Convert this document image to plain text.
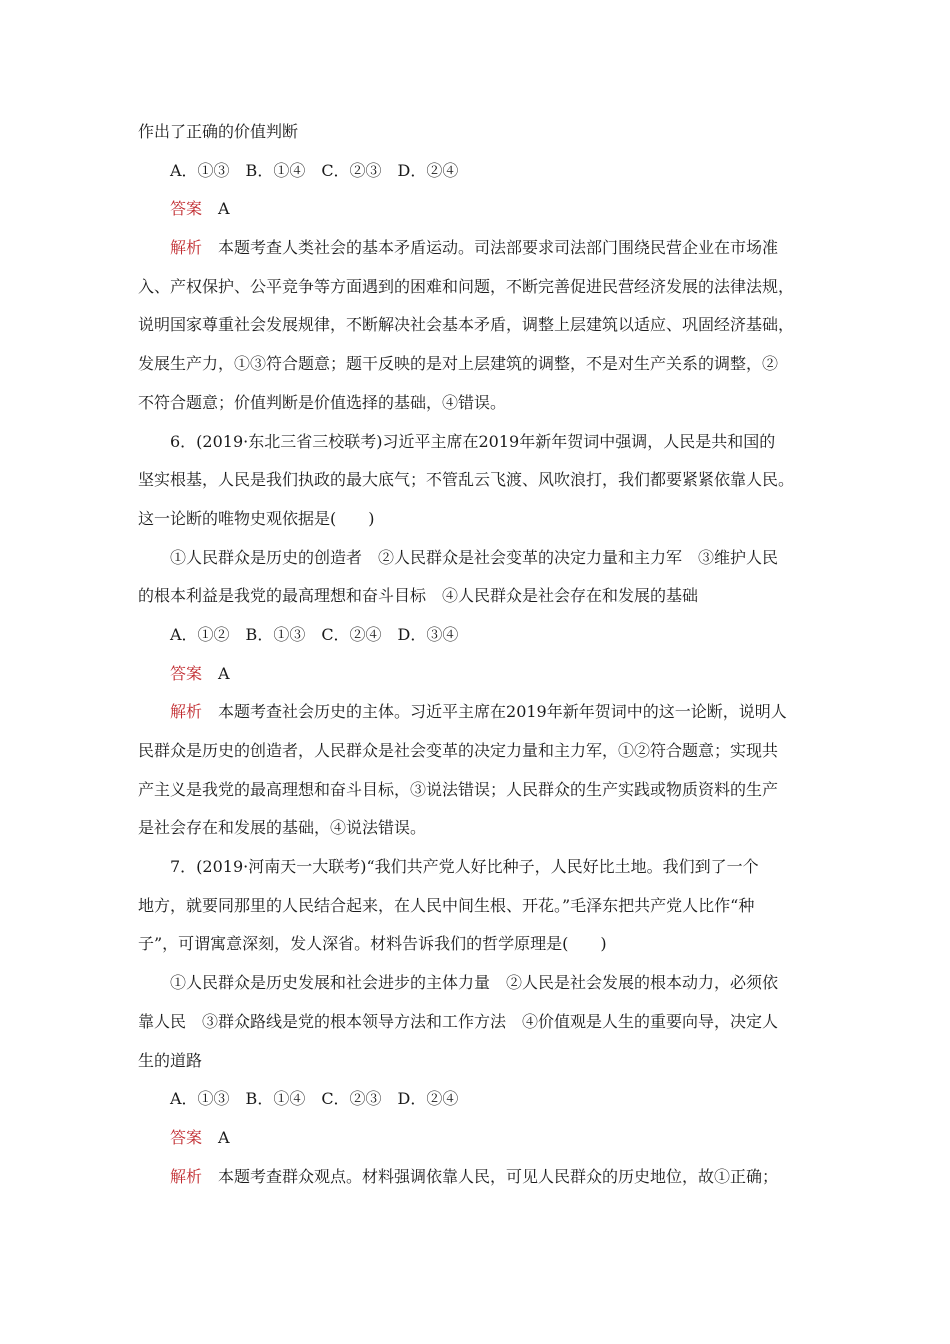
作出了正确的价值判断
A．①③　B．①④　C．②③　D．②④
答案 A
解析 本题考查人类社会的基本矛盾运动。司法部要求司法部门围绕民营企业在市场准
入、产权保护、公平竞争等方面遇到的困难和问题，不断完善促进民营经济发展的法律法规，
说明国家尊重社会发展规律，不断解决社会基本矛盾，调整上层建筑以适应、巩固经济基础，
发展生产力，①③符合题意；题干反映的是对上层建筑的调整，不是对生产关系的调整，②
不符合题意；价值判断是价值选择的基础，④错误。
6．(2019·东北三省三校联考)习近平主席在2019年新年贺词中强调，人民是共和国的
坚实根基，人民是我们执政的最大底气；不管乱云飞渡、风吹浪打，我们都要紧紧依靠人民。
这一论断的唯物史观依据是(　　)
①人民群众是历史的创造者　②人民群众是社会变革的决定力量和主力军　③维护人民
的根本利益是我党的最高理想和奋斗目标　④人民群众是社会存在和发展的基础
A．①②　B．①③　C．②④　D．③④
答案 A
解析 本题考查社会历史的主体。习近平主席在2019年新年贺词中的这一论断，说明人
民群众是历史的创造者，人民群众是社会变革的决定力量和主力军，①②符合题意；实现共
产主义是我党的最高理想和奋斗目标，③说法错误；人民群众的生产实践或物质资料的生产
是社会存在和发展的基础，④说法错误。
7．(2019·河南天一大联考)“我们共产党人好比种子，人民好比土地。我们到了一个
地方，就要同那里的人民结合起来，在人民中间生根、开花。”毛泽东把共产党人比作“种
子”，可谓寓意深刻，发人深省。材料告诉我们的哲学原理是(　　)
①人民群众是历史发展和社会进步的主体力量　②人民是社会发展的根本动力，必须依
靠人民　③群众路线是党的根本领导方法和工作方法　④价值观是人生的重要向导，决定人
生的道路
A．①③　B．①④　C．②③　D．②④
答案 A
解析 本题考查群众观点。材料强调依靠人民，可见人民群众的历史地位，故①正确；
